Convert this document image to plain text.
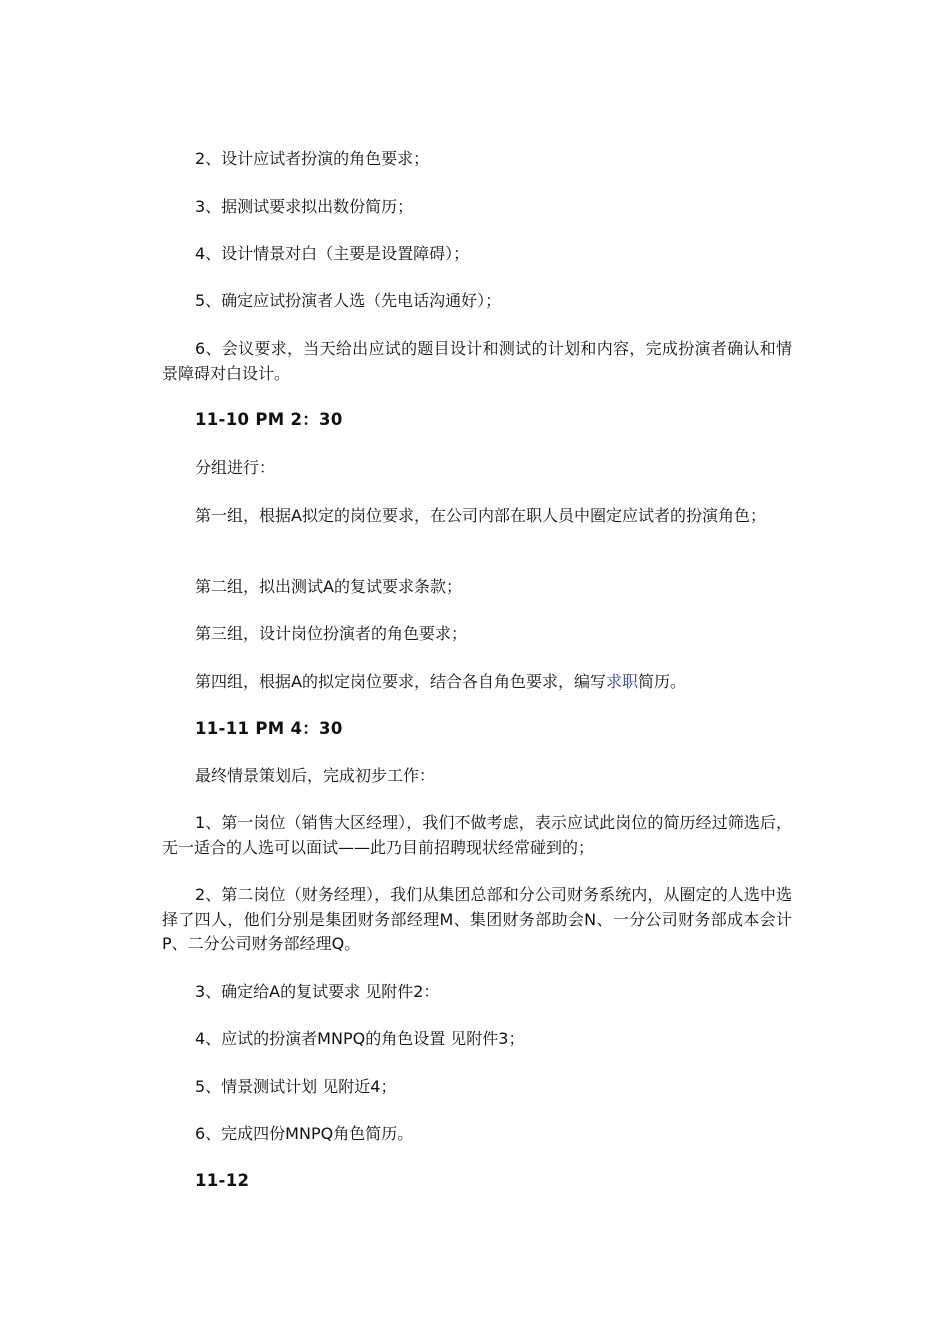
2、设计应试者扮演的角色要求；

3、据测试要求拟出数份简历；

4、设计情景对白（主要是设置障碍）；

5、确定应试扮演者人选（先电话沟通好）；

6、会议要求，当天给出应试的题目设计和测试的计划和内容，完成扮演者确认和情景障碍对白设计。

11-10 PM 2：30

分组进行：

第一组，根据A拟定的岗位要求，在公司内部在职人员中圈定应试者的扮演角色；

第二组，拟出测试A的复试要求条款；

第三组，设计岗位扮演者的角色要求；

第四组，根据A的拟定岗位要求，结合各自角色要求，编写求职简历。

11-11 PM 4：30

最终情景策划后，完成初步工作：

1、第一岗位（销售大区经理），我们不做考虑，表示应试此岗位的简历经过筛选后，无一适合的人选可以面试——此乃目前招聘现状经常碰到的；

2、第二岗位（财务经理），我们从集团总部和分公司财务系统内，从圈定的人选中选择了四人，他们分别是集团财务部经理M、集团财务部助会N、一分公司财务部成本会计P、二分公司财务部经理Q。

3、确定给A的复试要求 见附件2：

4、应试的扮演者MNPQ的角色设置 见附件3；

5、情景测试计划 见附近4；

6、完成四份MNPQ角色简历。

11-12
